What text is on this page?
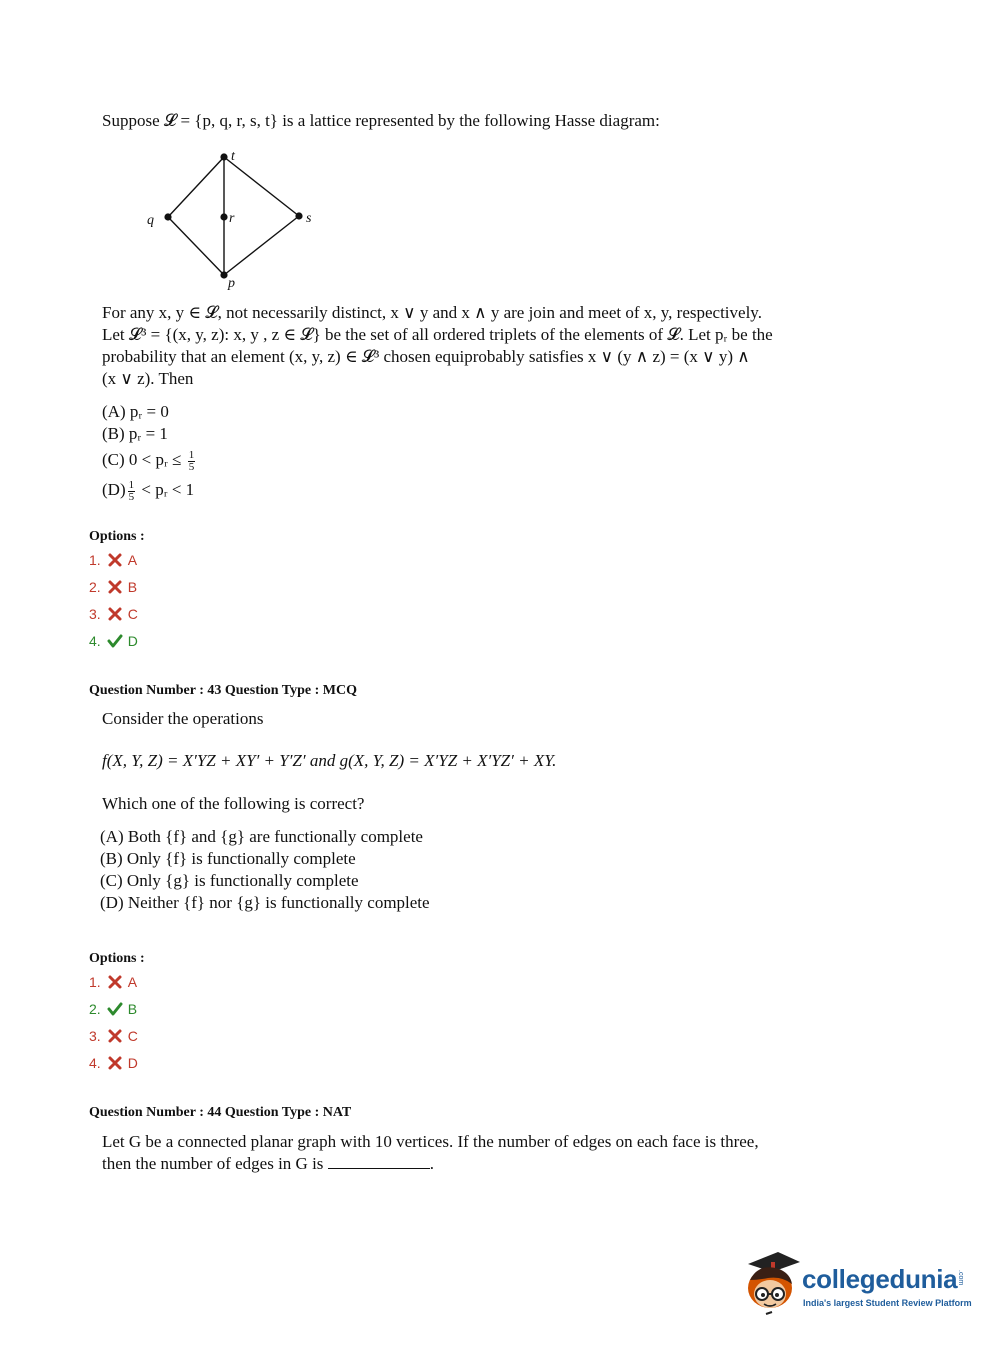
Suppose 𝓛 = {p, q, r, s, t} is a lattice represented by the following Hasse diagram:
t
q	r	s
p
For any x, y ∈ 𝓛, not necessarily distinct, x ∨ y and x ∧ y are join and meet of x, y, respectively.
Let 𝓛³ = {(x, y, z): x, y , z ∈ 𝓛} be the set of all ordered triplets of the elements of 𝓛. Let pᵣ be the
probability that an element (x, y, z) ∈ 𝓛³ chosen equiprobably satisfies x ∨ (y ∧ z) = (x ∨ y) ∧
(x ∨ z). Then
(A) pᵣ = 0
(B) pᵣ = 1
(C) 0 < pᵣ ≤ $\frac{1}{5}$
$(D) \frac{1}{5}$ < pᵣ < 1
Options :
1. A
2. B
3. C
4. D
Question Number : 43 Question Type : MCQ
Consider the operations
f(X, Y, Z) = X′YZ + XY′ + Y′Z′ and g(X, Y, Z) = X′YZ + X′YZ′ + XY.
Which one of the following is correct?
(A) Both {f} and {g} are functionally complete
(B) Only {f} is functionally complete
(C) Only {g} is functionally complete
(D) Neither {f} nor {g} is functionally complete
Options :
1. A
2. B
3. C
4. D
Question Number : 44 Question Type : NAT
Let G be a connected planar graph with 10 vertices. If the number of edges on each face is three,
then the number of edges in G is	.
collegedunia .com
India's largest Student Review Platform
